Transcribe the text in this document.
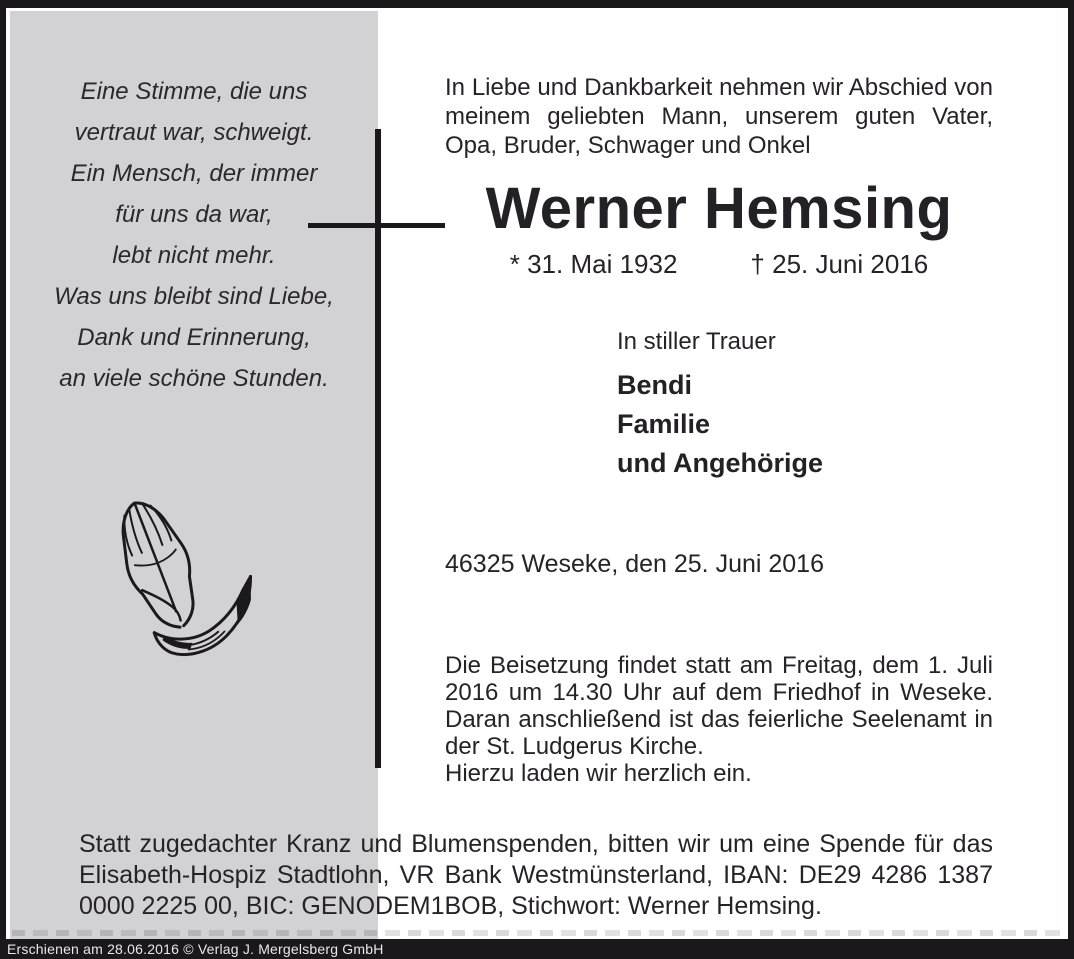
Eine Stimme, die uns
vertraut war, schweigt.
Ein Mensch, der immer
für uns da war,
lebt nicht mehr.
Was uns bleibt sind Liebe,
Dank und Erinnerung,
an viele schöne Stunden.
In Liebe und Dankbarkeit nehmen wir Abschied von meinem geliebten Mann, unserem guten Vater, Opa, Bruder, Schwager und Onkel
Werner Hemsing
* 31. Mai 1932	† 25. Juni 2016
In stiller Trauer
Bendi
Familie
und Angehörige
46325 Weseke, den 25. Juni 2016
Die Beisetzung findet statt am Freitag, dem 1. Juli 2016 um 14.30 Uhr auf dem Friedhof in Weseke. Daran anschließend ist das feierliche Seelenamt in der St. Ludgerus Kirche.
Hierzu laden wir herzlich ein.
Statt zugedachter Kranz und Blumenspenden, bitten wir um eine Spende für das Elisabeth-Hospiz Stadtlohn, VR Bank Westmünsterland, IBAN: DE29 4286 1387 0000 2225 00, BIC: GENODEM1BOB, Stichwort: Werner Hemsing.
Erschienen am 28.06.2016 © Verlag J. Mergelsberg GmbH
